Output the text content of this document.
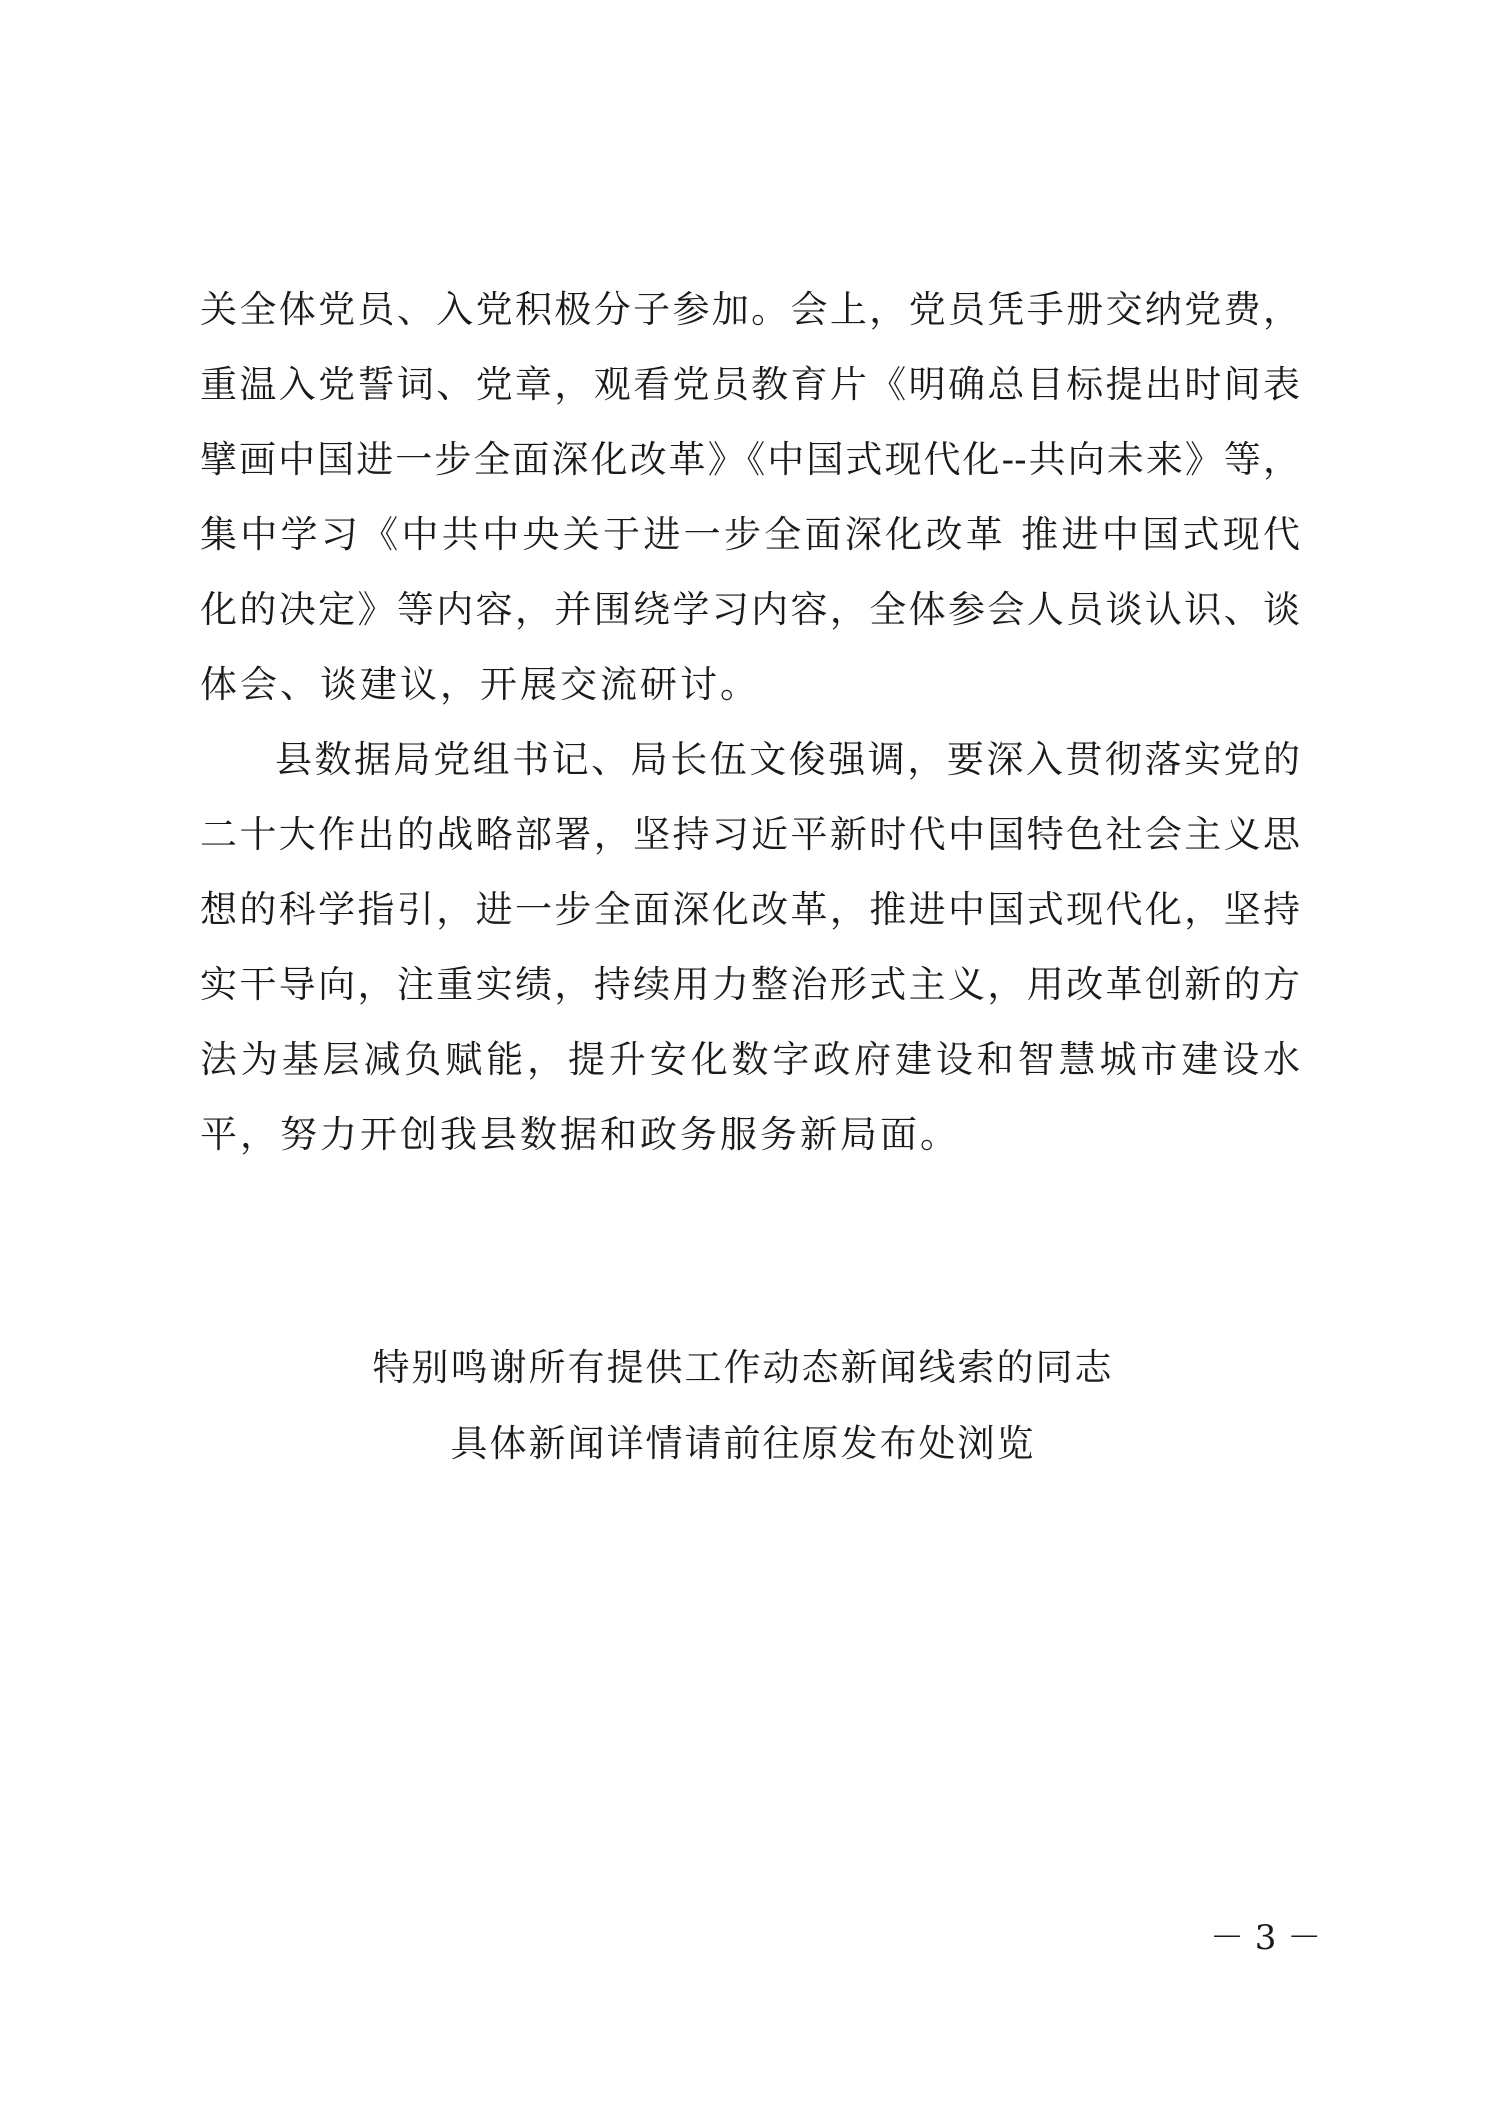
关全体党员、入党积极分子参加。会上，党员凭手册交纳党费，
重温入党誓词、党章，观看党员教育片《明确总目标提出时间表
擘画中国进一步全面深化改革》《中国式现代化--共向未来》等，
集中学习《中共中央关于进一步全面深化改革 推进中国式现代
化的决定》等内容，并围绕学习内容，全体参会人员谈认识、谈
体会、谈建议，开展交流研讨。
县数据局党组书记、局长伍文俊强调，要深入贯彻落实党的
二十大作出的战略部署，坚持习近平新时代中国特色社会主义思
想的科学指引，进一步全面深化改革，推进中国式现代化，坚持
实干导向，注重实绩，持续用力整治形式主义，用改革创新的方
法为基层减负赋能，提升安化数字政府建设和智慧城市建设水
平，努力开创我县数据和政务服务新局面。
特别鸣谢所有提供工作动态新闻线索的同志
具体新闻详情请前往原发布处浏览
－ 3 －
